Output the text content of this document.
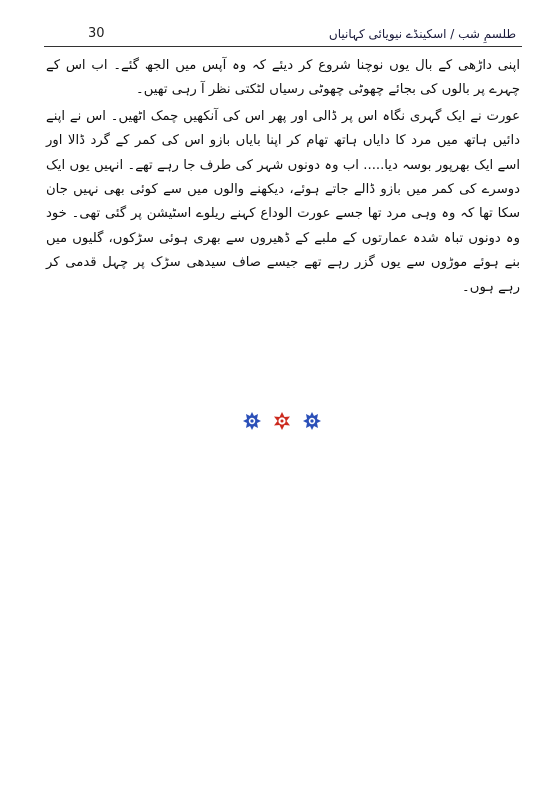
30	طلسمِ شب / اسکینڈے نیویائی کہانیاں

اپنی داڑھی کے بال یوں نوچنا شروع کر دیئے کہ وہ آپس میں الجھ گئے۔ اب اس کے چہرے پر بالوں کی بجائے چھوٹی چھوٹی رسیاں لٹکتی نظر آ رہی تھیں۔

عورت نے ایک گہری نگاہ اس پر ڈالی اور پھر اس کی آنکھیں چمک اٹھیں۔ اس نے اپنے دائیں ہاتھ میں مرد کا دایاں ہاتھ تھام کر اپنا بایاں بازو اس کی کمر کے گرد ڈالا اور اسے ایک بھرپور بوسہ دیا..... اب وہ دونوں شہر کی طرف جا رہے تھے۔ انہیں یوں ایک دوسرے کی کمر میں بازو ڈالے جاتے ہوئے، دیکھنے والوں میں سے کوئی بھی نہیں جان سکا تھا کہ وہ وہی مرد تھا جسے عورت الوداع کہنے ریلوے اسٹیشن پر گئی تھی۔ خود وہ دونوں تباہ شدہ عمارتوں کے ملبے کے ڈھیروں سے بھری ہوئی سڑکوں، گلیوں میں بنے ہوئے موڑوں سے یوں گزر رہے تھے جیسے صاف سیدھی سڑک پر چہل قدمی کر رہے ہوں۔
